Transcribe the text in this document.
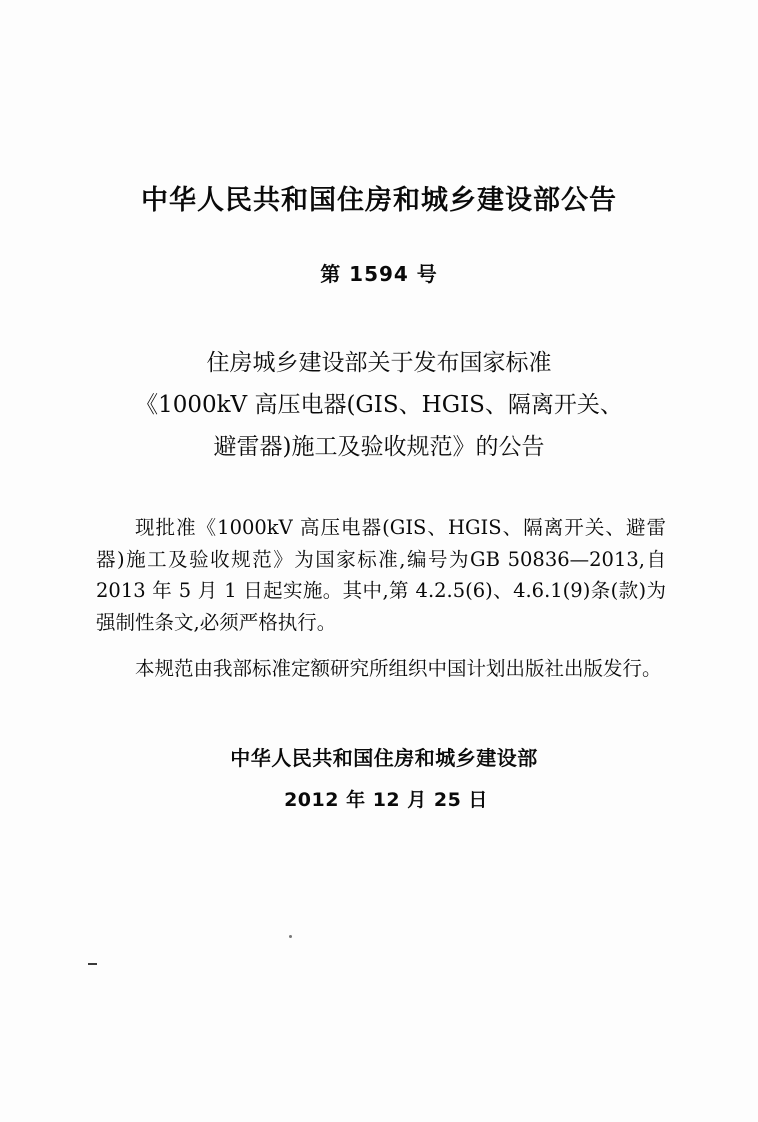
中华人民共和国住房和城乡建设部公告
第 1594 号
住房城乡建设部关于发布国家标准
《1000kV 高压电器(GIS、HGIS、隔离开关、
避雷器)施工及验收规范》的公告

现批准《1000kV 高压电器(GIS、HGIS、隔离开关、避雷器)施工及验收规范》为国家标准,编号为GB 50836—2013,自 2013 年 5 月 1 日起实施。其中,第 4.2.5(6)、4.6.1(9)条(款)为强制性条文,必须严格执行。

本规范由我部标准定额研究所组织中国计划出版社出版发行。

中华人民共和国住房和城乡建设部
2012 年 12 月 25 日
